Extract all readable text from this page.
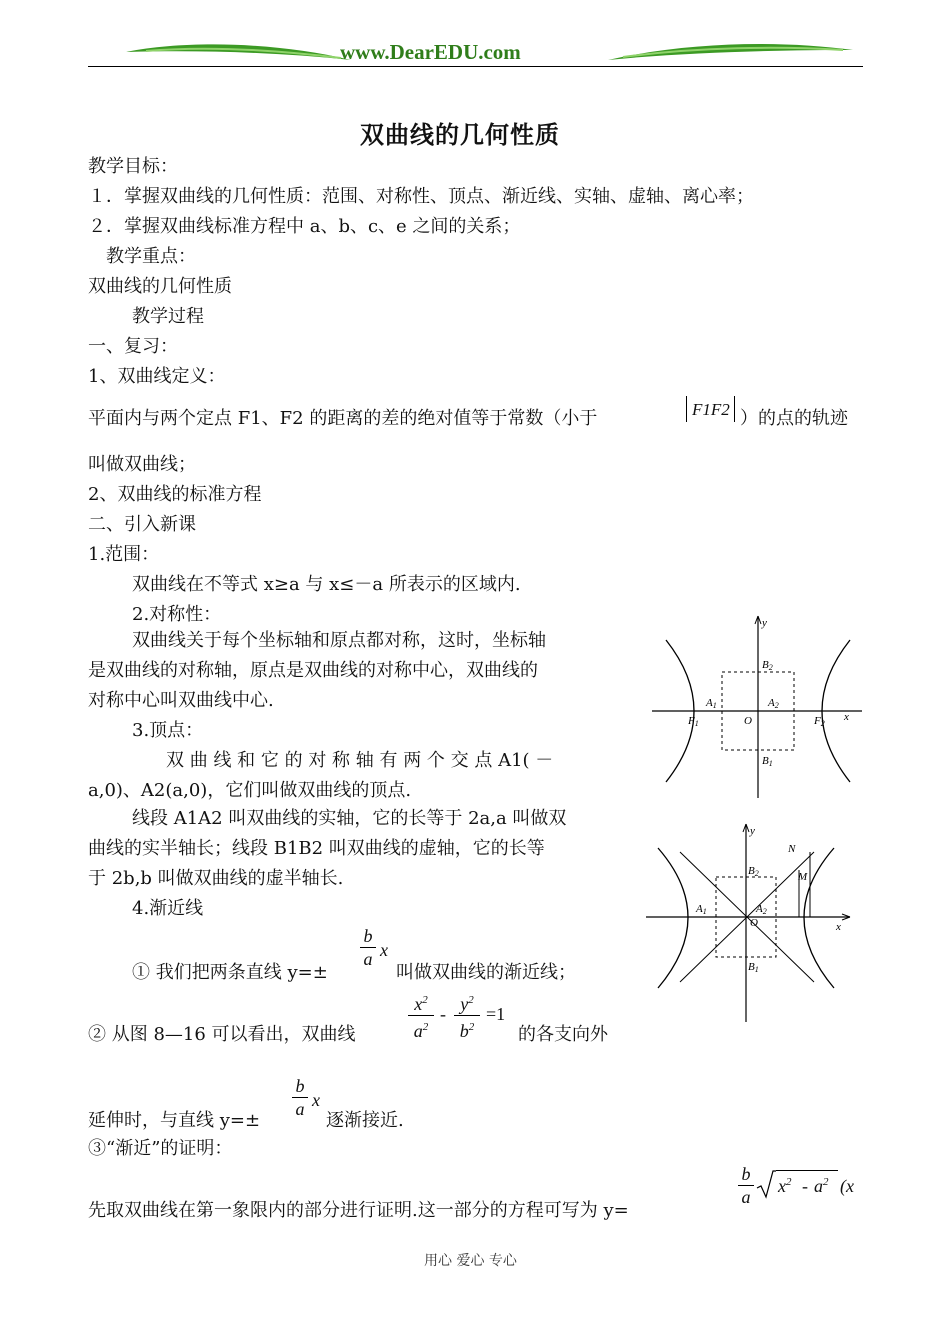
www.DearEDU.com
双曲线的几何性质
教学目标：
１．掌握双曲线的几何性质：范围、对称性、顶点、渐近线、实轴、虚轴、离心率；
２．掌握双曲线标准方程中 a、b、c、e 之间的关系；
教学重点：
双曲线的几何性质
教学过程
一、复习：
1、双曲线定义：
平面内与两个定点 F1、F2 的距离的差的绝对值等于常数（小于	F1F2 ）的点的轨迹
叫做双曲线；
2、双曲线的标准方程
二、引入新课
1.范围：
双曲线在不等式 x≥a 与 x≤－a 所表示的区域内.
2.对称性：
双曲线关于每个坐标轴和原点都对称，这时，坐标轴
是双曲线的对称轴，原点是双曲线的对称中心，双曲线的
对称中心叫双曲线中心.
3.顶点：
双 曲 线 和 它 的 对 称 轴 有 两 个 交 点 A1( －
a,0)、A2(a,0)，它们叫做双曲线的顶点.
线段 A1A2 叫双曲线的实轴，它的长等于 2a,a 叫做双
曲线的实半轴长；线段 B1B2 叫双曲线的虚轴，它的长等
于 2b,b 叫做双曲线的虚半轴长.
4.渐近线
① 我们把两条直线 y=±
b
a x
叫做双曲线的渐近线；
② 从图 8—16 可以看出，双曲线
$x^2$
$a^2$
- $y^2$
$b^2$
=1
的各支向外
b
a x
延伸时，与直线 y=±	逐渐接近.
③“渐近”的证明：
先取双曲线在第一象限内的部分进行证明.这一部分的方程可写为 y=
b
a
$x^2 - a^2$ (x
y
x
O
A1	A2
B2
B1
F1	F2
y
x
O
N
M
A1	A2
B2
B1
用心 爱心 专心
